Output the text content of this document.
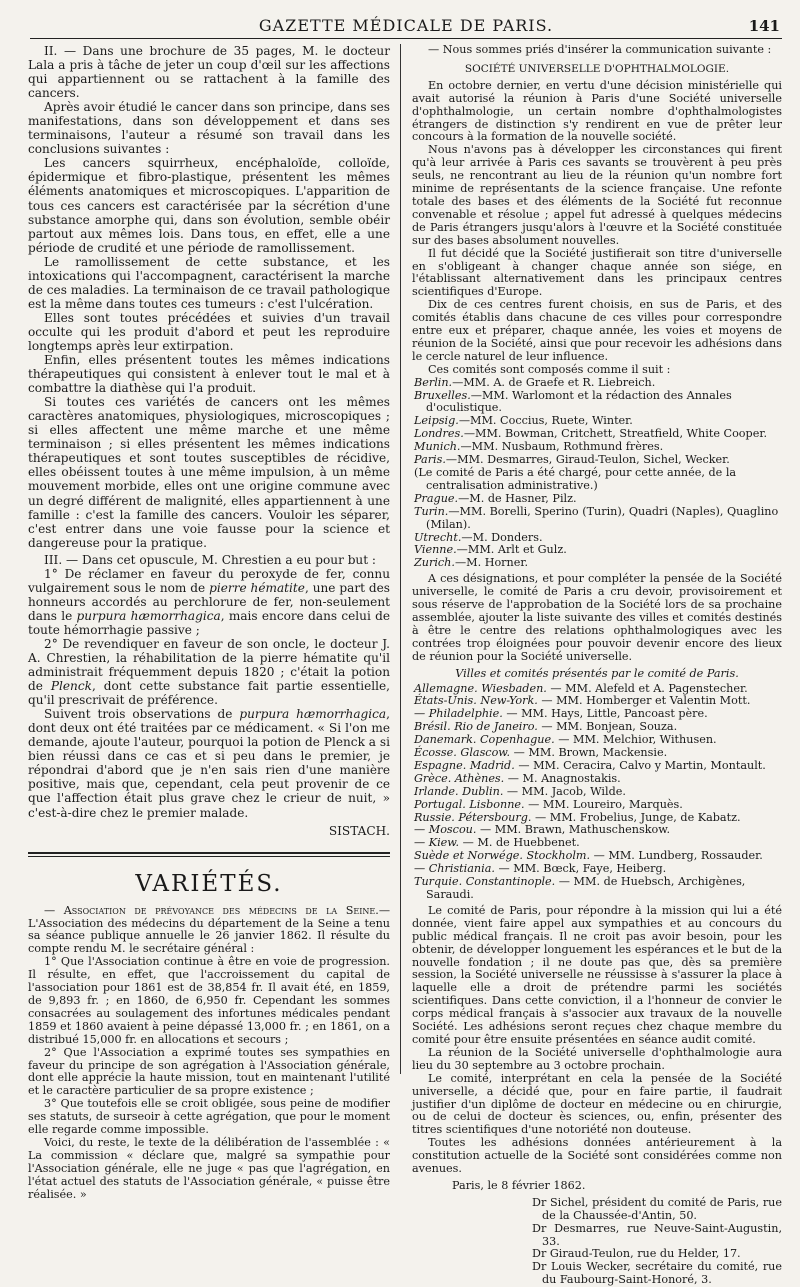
GAZETTE MÉDICALE DE PARIS.	141

II. — Dans une brochure de 35 pages, M. le docteur Lala a pris à tâche de jeter un coup d'œil sur les affections qui appartiennent ou se rattachent à la famille des cancers.

Après avoir étudié le cancer dans son principe, dans ses manifestations, dans son développement et dans ses terminaisons, l'auteur a résumé son travail dans les conclusions suivantes :

Les cancers squirrheux, encéphaloïde, colloïde, épidermique et fibro-plastique, présentent les mêmes éléments anatomiques et microscopiques. L'apparition de tous ces cancers est caractérisée par la sécrétion d'une substance amorphe qui, dans son évolution, semble obéir partout aux mêmes lois. Dans tous, en effet, elle a une période de crudité et une période de ramollissement.

Le ramollissement de cette substance, et les intoxications qui l'accompagnent, caractérisent la marche de ces maladies. La terminaison de ce travail pathologique est la même dans toutes ces tumeurs : c'est l'ulcération.

Elles sont toutes précédées et suivies d'un travail occulte qui les produit d'abord et peut les reproduire longtemps après leur extirpation.

Enfin, elles présentent toutes les mêmes indications thérapeutiques qui consistent à enlever tout le mal et à combattre la diathèse qui l'a produit.

Si toutes ces variétés de cancers ont les mêmes caractères anatomiques, physiologiques, microscopiques ; si elles affectent une même marche et une même terminaison ; si elles présentent les mêmes indications thérapeutiques et sont toutes susceptibles de récidive, elles obéissent toutes à une même impulsion, à un même mouvement morbide, elles ont une origine commune avec un degré différent de malignité, elles appartiennent à une famille : c'est la famille des cancers. Vouloir les séparer, c'est entrer dans une voie fausse pour la science et dangereuse pour la pratique.

III. — Dans cet opuscule, M. Chrestien a eu pour but :

1° De réclamer en faveur du peroxyde de fer, connu vulgairement sous le nom de pierre hématite, une part des honneurs accordés au perchlorure de fer, non-seulement dans le purpura hæmorrhagica, mais encore dans celui de toute hémorrhagie passive ;

2° De revendiquer en faveur de son oncle, le docteur J. A. Chrestien, la réhabilitation de la pierre hématite qu'il administrait fréquemment depuis 1820 ; c'était la potion de Plenck, dont cette substance fait partie essentielle, qu'il prescrivait de préférence.

Suivent trois observations de purpura hæmorrhagica, dont deux ont été traitées par ce médicament. « Si l'on me demande, ajoute l'auteur, pourquoi la potion de Plenck a si bien réussi dans ce cas et si peu dans le premier, je répondrai d'abord que je n'en sais rien d'une manière positive, mais que, cependant, cela peut provenir de ce que l'affection était plus grave chez le crieur de nuit, » c'est-à-dire chez le premier malade.

SISTACH.
VARIÉTÉS.

— Association de prévoyance des médecins de la Seine.— L'Association des médecins du département de la Seine a tenu sa séance publique annuelle le 26 janvier 1862. Il résulte du compte rendu M. le secrétaire général :

1° Que l'Association continue à être en voie de progression. Il résulte, en effet, que l'accroissement du capital de l'association pour 1861 est de 38,854 fr. Il avait été, en 1859, de 9,893 fr. ; en 1860, de 6,950 fr. Cependant les sommes consacrées au soulagement des infortunes médicales pendant 1859 et 1860 avaient à peine dépassé 13,000 fr. ; en 1861, on a distribué 15,000 fr. en allocations et secours ;

2° Que l'Association a exprimé toutes ses sympathies en faveur du principe de son agrégation à l'Association générale, dont elle apprécie la haute mission, tout en maintenant l'utilité et le caractère particulier de sa propre existence ;

3° Que toutefois elle se croit obligée, sous peine de modifier ses statuts, de surseoir à cette agrégation, que pour le moment elle regarde comme impossible.

Voici, du reste, le texte de la délibération de l'assemblée : « La commission « déclare que, malgré sa sympathie pour l'Association générale, elle ne juge « pas que l'agrégation, en l'état actuel des statuts de l'Association générale, « puisse être réalisée. »

— Nous sommes priés d'insérer la communication suivante :

SOCIÉTÉ UNIVERSELLE D'OPHTHALMOLOGIE.

En octobre dernier, en vertu d'une décision ministérielle qui avait autorisé la réunion à Paris d'une Société universelle d'ophthalmologie, un certain nombre d'ophthalmologistes étrangers de distinction s'y rendirent en vue de prêter leur concours à la formation de la nouvelle société.

Nous n'avons pas à développer les circonstances qui firent qu'à leur arrivée à Paris ces savants se trouvèrent à peu près seuls, ne rencontrant au lieu de la réunion qu'un nombre fort minime de représentants de la science française. Une refonte totale des bases et des éléments de la Société fut reconnue convenable et résolue ; appel fut adressé à quelques médecins de Paris étrangers jusqu'alors à l'œuvre et la Société constituée sur des bases absolument nouvelles.

Il fut décidé que la Société justifierait son titre d'universelle en s'obligeant à changer chaque année son siége, en l'établissant alternativement dans les principaux centres scientifiques d'Europe.

Dix de ces centres furent choisis, en sus de Paris, et des comités établis dans chacune de ces villes pour correspondre entre eux et préparer, chaque année, les voies et moyens de réunion de la Société, ainsi que pour recevoir les adhésions dans le cercle naturel de leur influence.

Ces comités sont composés comme il suit :

Berlin.—MM. A. de Graefe et R. Liebreich.

Bruxelles.—MM. Warlomont et la rédaction des Annales d'oculistique.

Leipsig.—MM. Coccius, Ruete, Winter.

Londres.—MM. Bowman, Critchett, Streatfield, White Cooper.

Munich.—MM. Nusbaum, Rothmund frères.

Paris.—MM. Desmarres, Giraud-Teulon, Sichel, Wecker.

(Le comité de Paris a été chargé, pour cette année, de la centralisation administrative.)

Prague.—M. de Hasner, Pilz.

Turin.—MM. Borelli, Sperino (Turin), Quadri (Naples), Quaglino (Milan).

Utrecht.—M. Donders.

Vienne.—MM. Arlt et Gulz.

Zurich.—M. Horner.

A ces désignations, et pour compléter la pensée de la Société universelle, le comité de Paris a cru devoir, provisoirement et sous réserve de l'approbation de la Société lors de sa prochaine assemblée, ajouter la liste suivante des villes et comités destinés à être le centre des relations ophthalmologiques avec les contrées trop éloignées pour pouvoir devenir encore des lieux de réunion pour la Société universelle.

Villes et comités présentés par le comité de Paris.

Allemagne. Wiesbaden. — MM. Alefeld et A. Pagenstecher.

États-Unis. New-York. — MM. Homberger et Valentin Mott.

— Philadelphie. — MM. Hays, Little, Pancoast père.

Brésil. Rio de Janeiro. — MM. Bonjean, Souza.

Danemark. Copenhague. — MM. Melchior, Withusen.

Écosse. Glascow. — MM. Brown, Mackensie.

Espagne. Madrid. — MM. Ceracira, Calvo y Martin, Montault.

Grèce. Athènes. — M. Anagnostakis.

Irlande. Dublin. — MM. Jacob, Wilde.

Portugal. Lisbonne. — MM. Loureiro, Marquès.

Russie. Pétersbourg. — MM. Frobelius, Junge, de Kabatz.

— Moscou. — MM. Brawn, Mathuschenskow.

— Kiew. — M. de Huebbenet.

Suède et Norwége. Stockholm. — MM. Lundberg, Rossauder.

— Christiania. — MM. Bœck, Faye, Heiberg.

Turquie. Constantinople. — MM. de Huebsch, Archigènes, Saraudi.

Le comité de Paris, pour répondre à la mission qui lui a été donnée, vient faire appel aux sympathies et au concours du public médical français. Il ne croit pas avoir besoin, pour les obtenir, de développer longuement les espérances et le but de la nouvelle fondation ; il ne doute pas que, dès sa première session, la Société universelle ne réussisse à s'assurer la place à laquelle elle a droit de prétendre parmi les sociétés scientifiques. Dans cette conviction, il a l'honneur de convier le corps médical français à s'associer aux travaux de la nouvelle Société. Les adhésions seront reçues chez chaque membre du comité pour être ensuite présentées en séance audit comité.

La réunion de la Société universelle d'ophthalmologie aura lieu du 30 septembre au 3 octobre prochain.

Le comité, interprétant en cela la pensée de la Société universelle, a décidé que, pour en faire partie, il faudrait justifier d'un diplôme de docteur en médecine ou en chirurgie, ou de celui de docteur ès sciences, ou, enfin, présenter des titres scientifiques d'une notoriété non douteuse.

Toutes les adhésions données antérieurement à la constitution actuelle de la Société sont considérées comme non avenues.

Paris, le 8 février 1862.

Dr Sichel, président du comité de Paris, rue de la Chaussée-d'Antin, 50.

Dr Desmarres, rue Neuve-Saint-Augustin, 33.

Dr Giraud-Teulon, rue du Helder, 17.

Dr Louis Wecker, secrétaire du comité, rue du Faubourg-Saint-Honoré, 3.
